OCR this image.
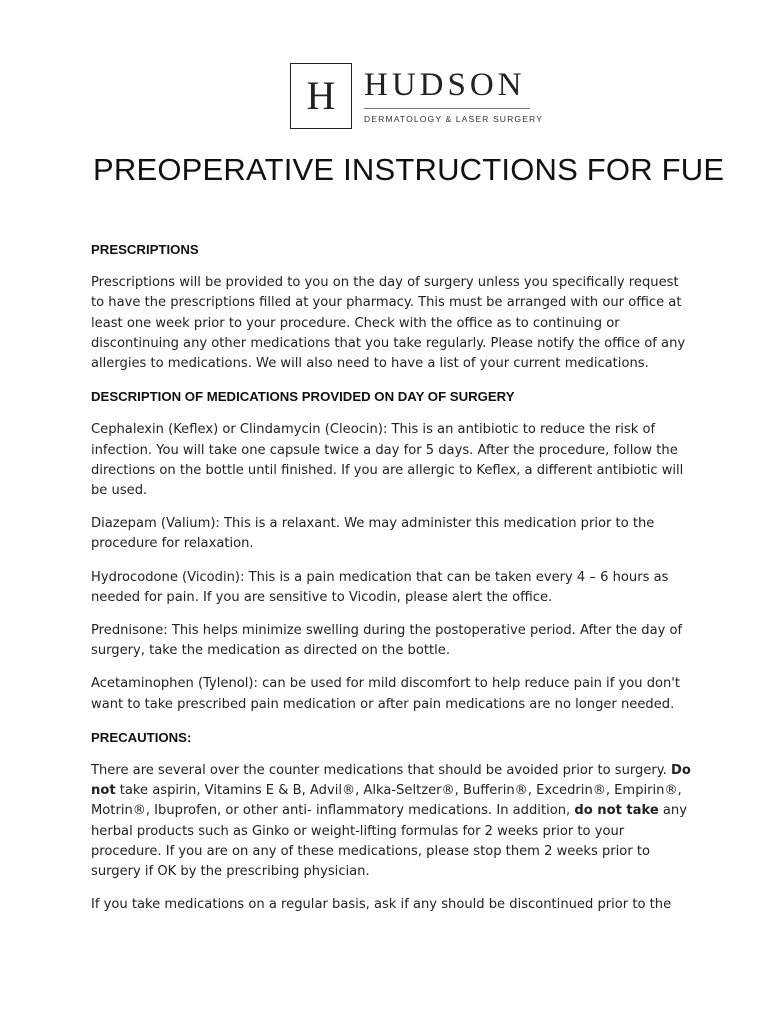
H HUDSON
DERMATOLOGY & LASER SURGERY
PREOPERATIVE INSTRUCTIONS FOR FUE
PRESCRIPTIONS

Prescriptions will be provided to you on the day of surgery unless you specifically request to have the prescriptions filled at your pharmacy. This must be arranged with our office at least one week prior to your procedure. Check with the office as to continuing or discontinuing any other medications that you take regularly. Please notify the office of any allergies to medications. We will also need to have a list of your current medications.

DESCRIPTION OF MEDICATIONS PROVIDED ON DAY OF SURGERY

Cephalexin (Keflex) or Clindamycin (Cleocin): This is an antibiotic to reduce the risk of infection. You will take one capsule twice a day for 5 days. After the procedure, follow the directions on the bottle until finished. If you are allergic to Keflex, a different antibiotic will be used.

Diazepam (Valium): This is a relaxant. We may administer this medication prior to the procedure for relaxation.

Hydrocodone (Vicodin): This is a pain medication that can be taken every 4 – 6 hours as needed for pain. If you are sensitive to Vicodin, please alert the office.

Prednisone: This helps minimize swelling during the postoperative period. After the day of surgery, take the medication as directed on the bottle.

Acetaminophen (Tylenol): can be used for mild discomfort to help reduce pain if you don't want to take prescribed pain medication or after pain medications are no longer needed.

PRECAUTIONS:

There are several over the counter medications that should be avoided prior to surgery. Do not take aspirin, Vitamins E & B, Advil®, Alka-Seltzer®, Bufferin®, Excedrin®, Empirin®, Motrin®, Ibuprofen, or other anti- inflammatory medications. In addition, do not take any herbal products such as Ginko or weight-lifting formulas for 2 weeks prior to your procedure. If you are on any of these medications, please stop them 2 weeks prior to surgery if OK by the prescribing physician.

If you take medications on a regular basis, ask if any should be discontinued prior to the
